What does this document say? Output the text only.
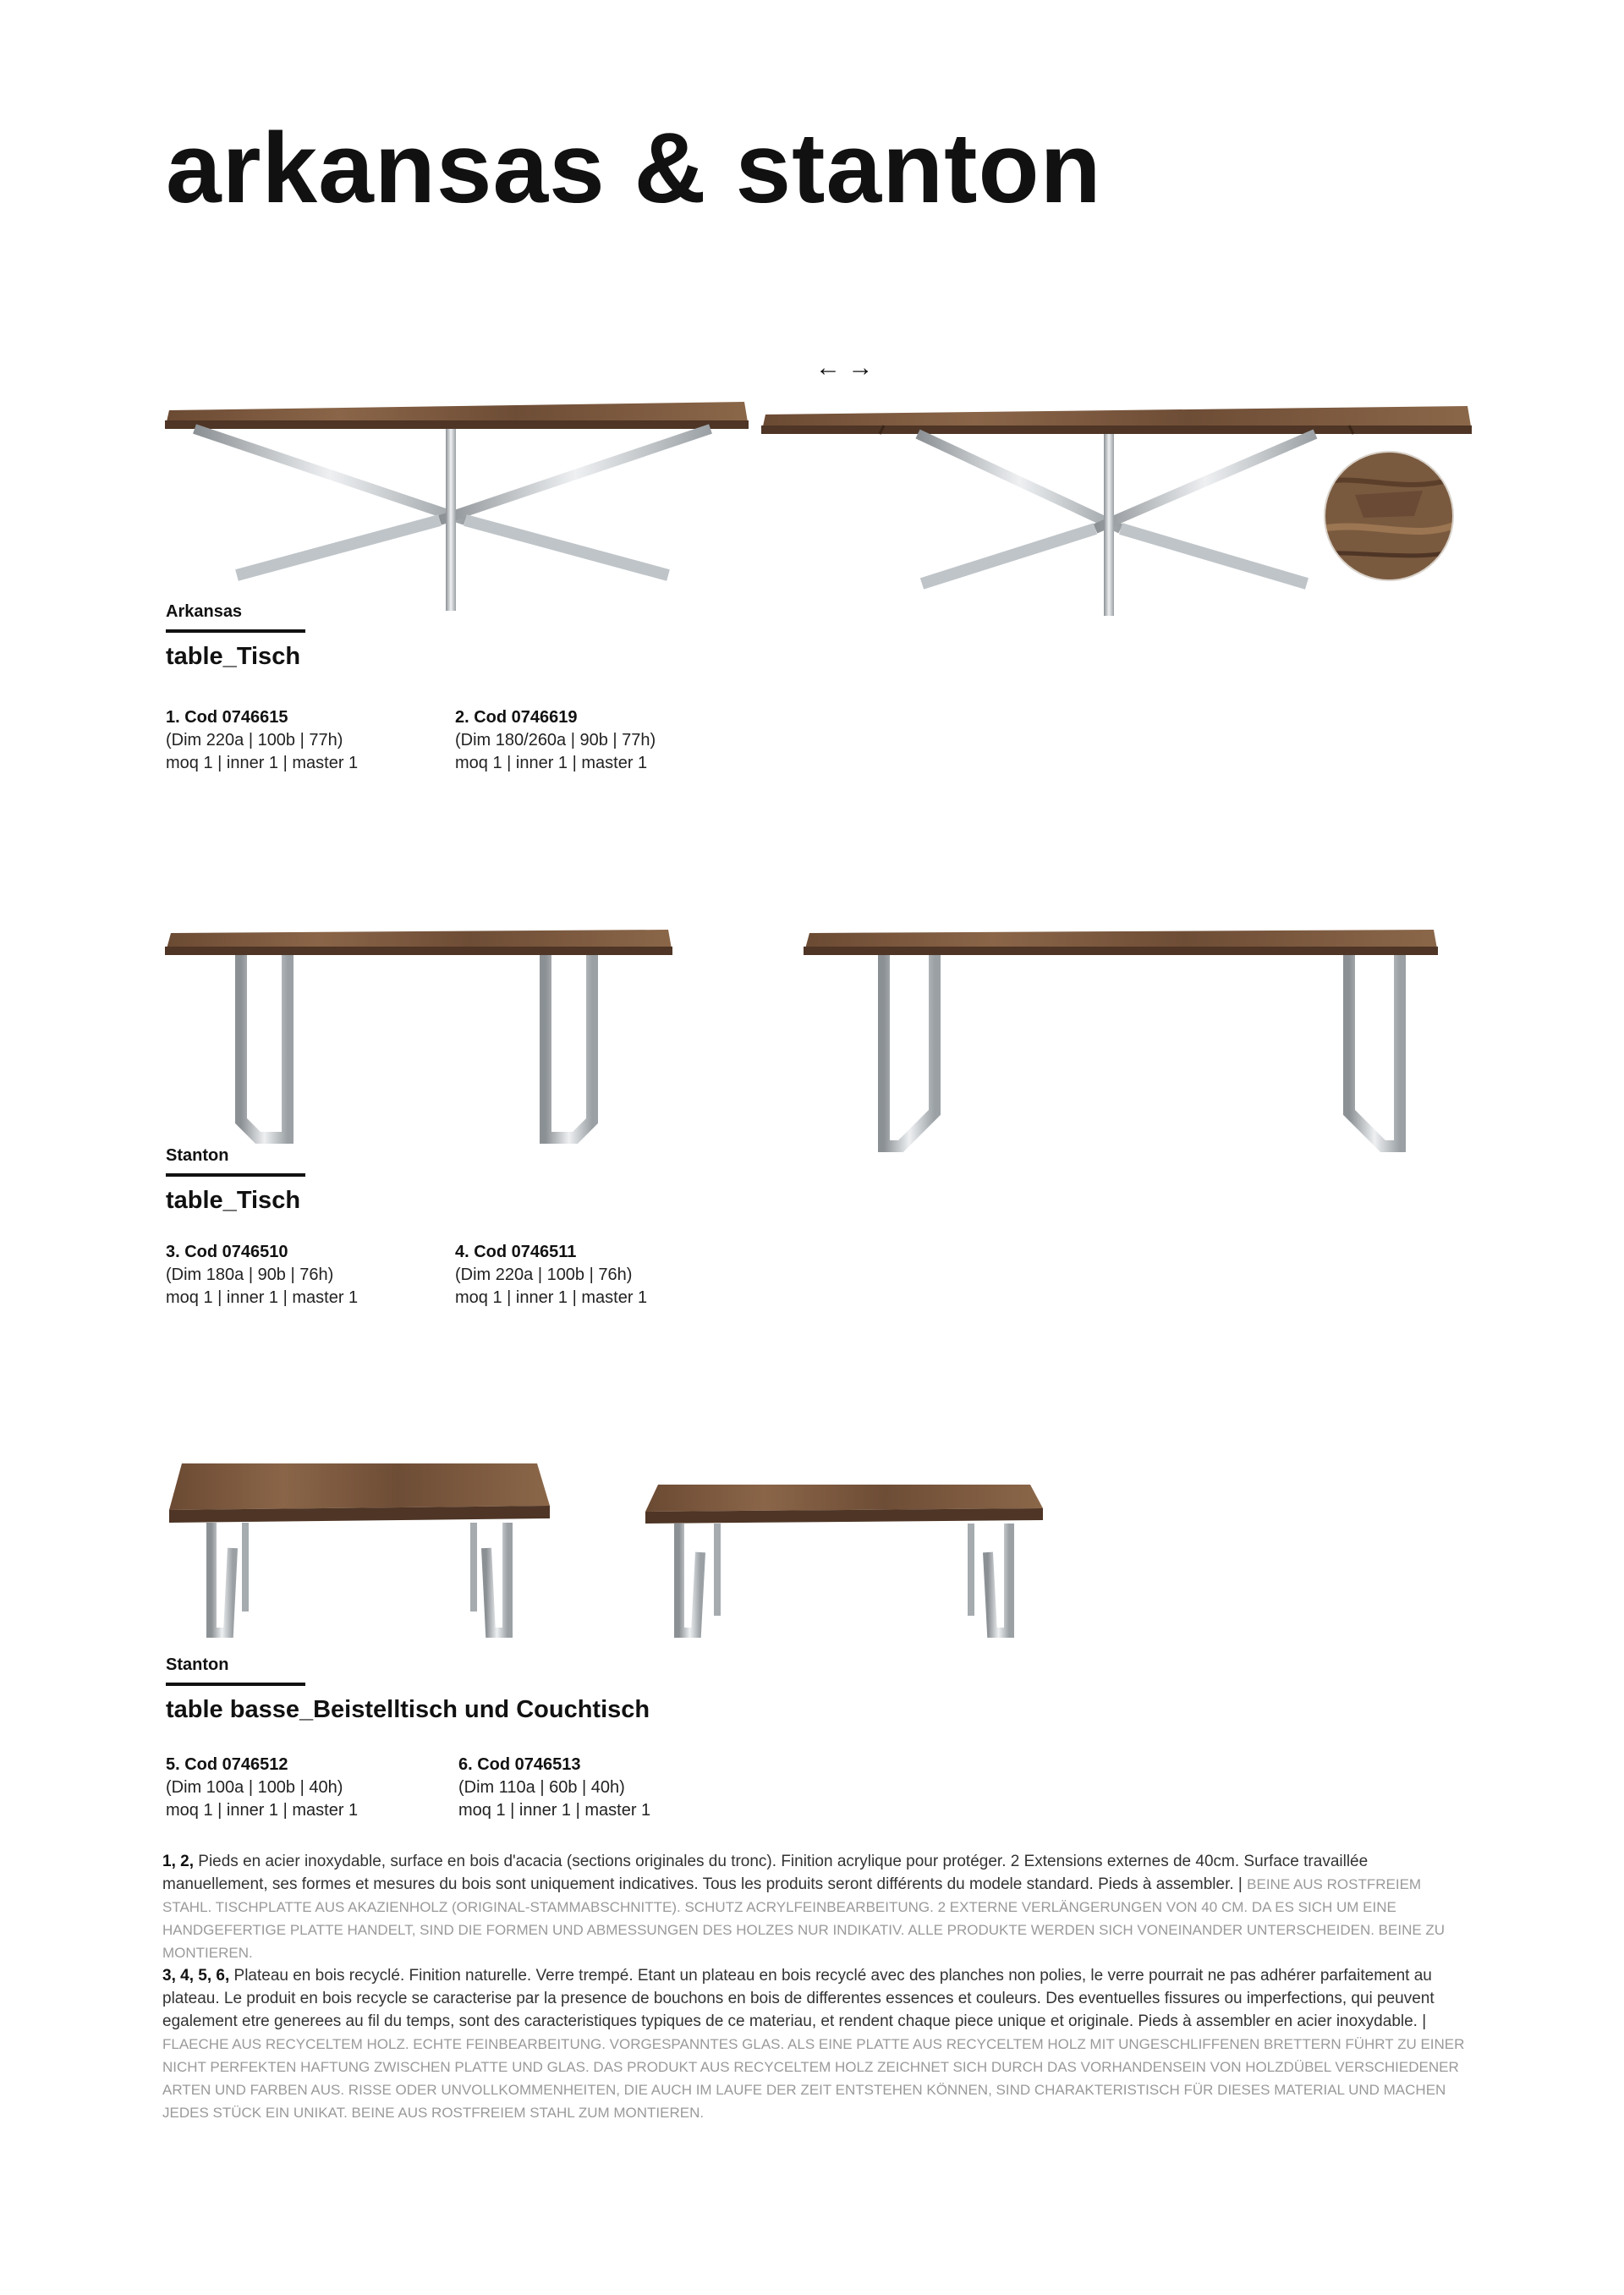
arkansas & stanton
← →
Arkansas
table_Tisch
1. Cod 0746615
(Dim 220a | 100b | 77h)
moq 1 | inner 1 | master 1
2. Cod 0746619
(Dim 180/260a | 90b | 77h)
moq 1 | inner 1 | master 1
Stanton
table_Tisch
3. Cod 0746510
(Dim 180a | 90b | 76h)
moq 1 | inner 1 | master 1
4. Cod 0746511
(Dim 220a | 100b | 76h)
moq 1 | inner 1 | master 1
Stanton
table basse_Beistelltisch und Couchtisch
5. Cod 0746512
(Dim 100a | 100b | 40h)
moq 1 | inner 1 | master 1
6. Cod 0746513
(Dim 110a | 60b | 40h)
moq 1 | inner 1 | master 1
1, 2, Pieds en acier inoxydable, surface en bois d'acacia (sections originales du tronc). Finition acrylique pour protéger. 2 Extensions externes de 40cm. Surface travaillée manuellement, ses formes et mesures du bois sont uniquement indicatives. Tous les produits seront différents du modele standard. Pieds à assembler. | BEINE AUS ROSTFREIEM STAHL. TISCHPLATTE AUS AKAZIENHOLZ (ORIGINAL-STAMMABSCHNITTE). SCHUTZ ACRYLFEINBEARBEITUNG. 2 EXTERNE VERLÄNGERUNGEN VON 40 CM. DA ES SICH UM EINE HANDGEFERTIGE PLATTE HANDELT, SIND DIE FORMEN UND ABMESSUNGEN DES HOLZES NUR INDIKATIV. ALLE PRODUKTE WERDEN SICH VONEINANDER UNTERSCHEIDEN. BEINE ZU MONTIEREN.
3, 4, 5, 6, Plateau en bois recyclé. Finition naturelle. Verre trempé. Etant un plateau en bois recyclé avec des planches non polies, le verre pourrait ne pas adhérer parfaitement au plateau. Le produit en bois recycle se caracterise par la presence de bouchons en bois de differentes essences et couleurs. Des eventuelles fissures ou imperfections, qui peuvent egalement etre generees au fil du temps, sont des caracteristiques typiques de ce materiau, et rendent chaque piece unique et originale. Pieds à assembler en acier inoxydable. | FLAECHE AUS RECYCELTEM HOLZ. ECHTE FEINBEARBEITUNG. VORGESPANNTES GLAS. ALS EINE PLATTE AUS RECYCELTEM HOLZ MIT UNGESCHLIFFENEN BRETTERN FÜHRT ZU EINER NICHT PERFEKTEN HAFTUNG ZWISCHEN PLATTE UND GLAS. DAS PRODUKT AUS RECYCELTEM HOLZ ZEICHNET SICH DURCH DAS VORHANDENSEIN VON HOLZDÜBEL VERSCHIEDENER ARTEN UND FARBEN AUS. RISSE ODER UNVOLLKOMMENHEITEN, DIE AUCH IM LAUFE DER ZEIT ENTSTEHEN KÖNNEN, SIND CHARAKTERISTISCH FÜR DIESES MATERIAL UND MACHEN JEDES STÜCK EIN UNIKAT. BEINE AUS ROSTFREIEM STAHL ZUM MONTIEREN.
